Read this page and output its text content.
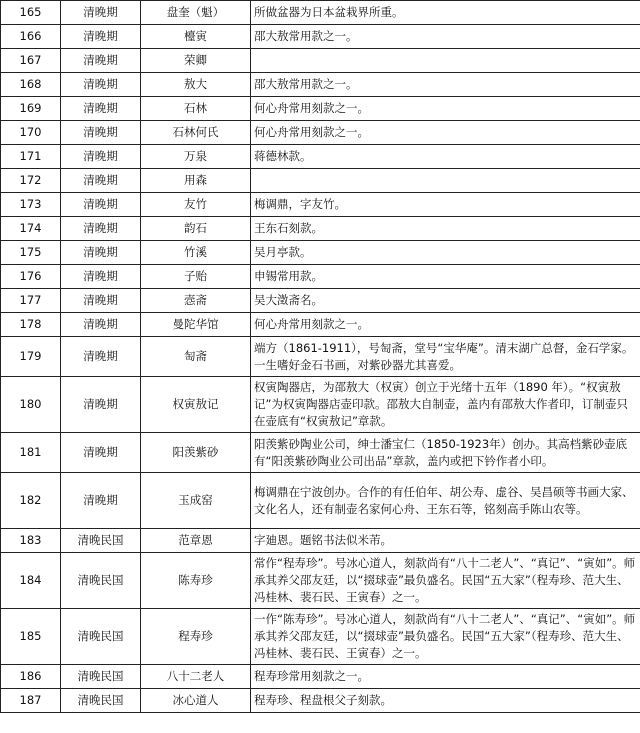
165	清晚期	盘奎（魁）	所做盆器为日本盆栽界所重。
166	清晚期	檯寅	邵大敖常用款之一。
167	清晚期	荣卿	
168	清晚期	敖大	邵大敖常用款之一。
169	清晚期	石林	何心舟常用刻款之一。
170	清晚期	石林何氏	何心舟常用刻款之一。
171	清晚期	万泉	蒋德林款。
172	清晚期	用森	
173	清晚期	友竹	梅调鼎，字友竹。
174	清晚期	韵石	王东石刻款。
175	清晚期	竹溪	吴月亭款。
176	清晚期	子贻	申锡常用款。
177	清晚期	悫斋	吴大澂斋名。
178	清晚期	曼陀华馆	何心舟常用刻款之一。
179	清晚期	匋斋	端方（1861-1911），号匋斋，堂号“宝华庵”。清末湖广总督，金石学家。一生嗜好金石书画，对紫砂器尤其喜爱。
180	清晚期	权寅敖记	权寅陶器店，为邵敖大（权寅）创立于光绪十五年（1890 年）。“权寅敖记”为权寅陶器店壶印款。邵敖大自制壶，盖内有邵敖大作者印，订制壶只在壶底有“权寅敖记”章款。
181	清晚期	阳羡紫砂	阳羡紫砂陶业公司，绅士潘宝仁（1850-1923年）创办。其高档紫砂壶底有“阳羡紫砂陶业公司出品”章款，盖内或把下钤作者小印。
182	清晚期	玉成窑	梅调鼎在宁波创办。合作的有任伯年、胡公寿、虚谷、吴昌硕等书画大家、文化名人，还有制壶名家何心舟、王东石等，铭刻高手陈山农等。
183	清晚民国	范章恩	字廸恩。题铭书法似米芾。
184	清晚民国	陈寿珍	常作“程寿珍”。号冰心道人，刻款尚有“八十二老人”、“真记”、“寅如”。师承其养父邵友廷，以“掇球壶”最负盛名。民国“五大家”（程寿珍、范大生、冯桂林、裴石民、王寅春）之一。
185	清晚民国	程寿珍	一作“陈寿珍”。号冰心道人，刻款尚有“八十二老人”、“真记”、“寅如”。师承其养父邵友廷，以“掇球壶”最负盛名。民国“五大家”（程寿珍、范大生、冯桂林、裴石民、王寅春）之一。
186	清晚民国	八十二老人	程寿珍常用刻款之一。
187	清晚民国	冰心道人	程寿珍、程盘根父子刻款。
